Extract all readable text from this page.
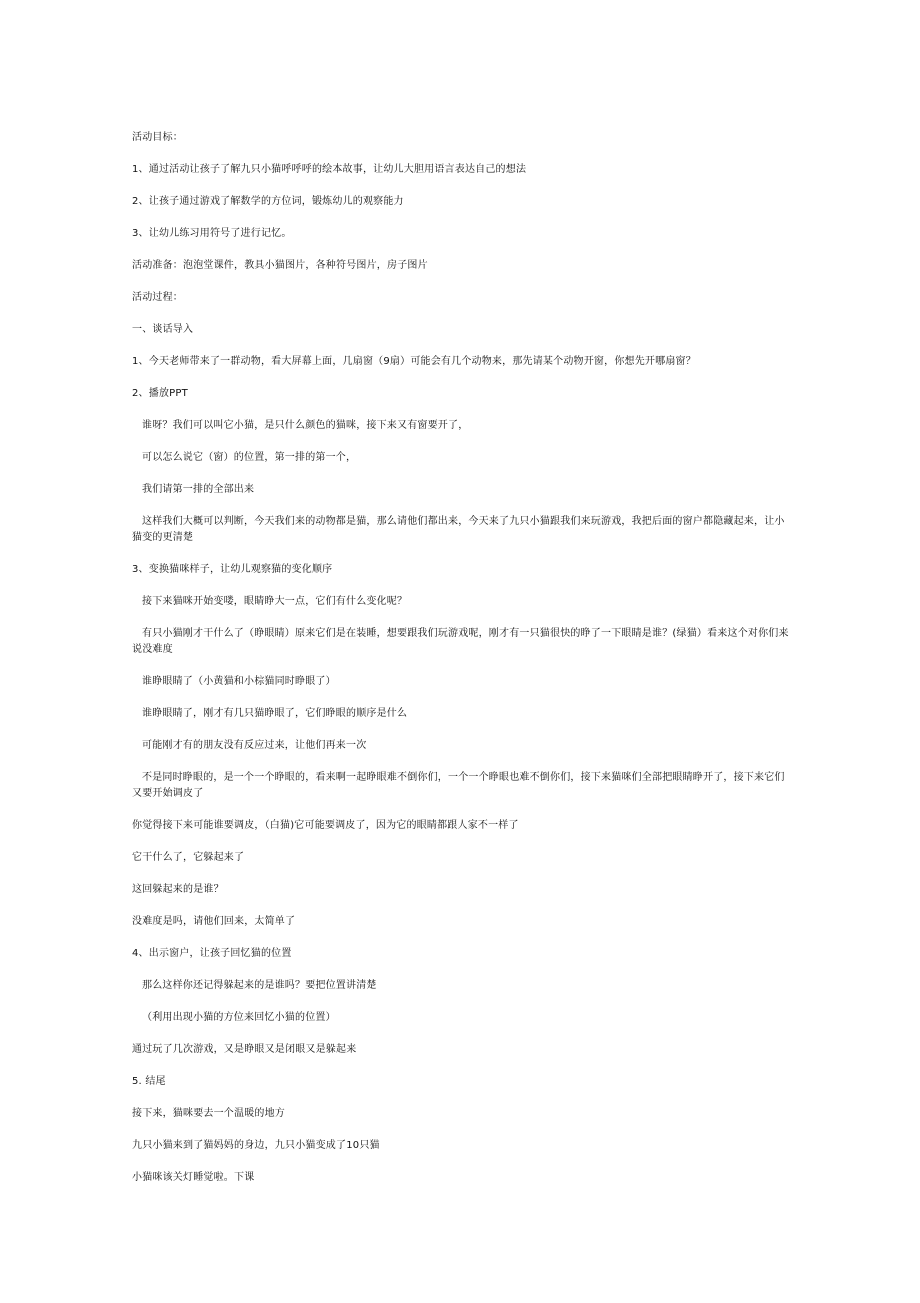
活动目标：

1、通过活动让孩子了解九只小猫呼呼呼的绘本故事，让幼儿大胆用语言表达自己的想法

2、让孩子通过游戏了解数学的方位词，锻炼幼儿的观察能力

3、让幼儿练习用符号了进行记忆。

活动准备：泡泡堂课件，教具小猫图片，各种符号图片，房子图片

活动过程：

一、谈话导入

1、今天老师带来了一群动物，看大屏幕上面，几扇窗（9扇）可能会有几个动物来，那先请某个动物开窗，你想先开哪扇窗？

2、播放PPT

谁呀？我们可以叫它小猫，是只什么颜色的猫咪，接下来又有窗要开了，

可以怎么说它（窗）的位置，第一排的第一个，

我们请第一排的全部出来

这样我们大概可以判断，今天我们来的动物都是猫，那么请他们都出来，今天来了九只小猫跟我们来玩游戏，我把后面的窗户都隐藏起来，让小猫变的更清楚

3、变换猫咪样子，让幼儿观察猫的变化顺序

接下来猫咪开始变喽，眼睛睁大一点，它们有什么变化呢？

有只小猫刚才干什么了（睁眼睛）原来它们是在装睡，想要跟我们玩游戏呢，刚才有一只猫很快的睁了一下眼睛是谁？(绿猫）看来这个对你们来说没难度

谁睁眼睛了（小黄猫和小棕猫同时睁眼了）

谁睁眼睛了，刚才有几只猫睁眼了，它们睁眼的顺序是什么

可能刚才有的朋友没有反应过来，让他们再来一次

不是同时睁眼的，是一个一个睁眼的，看来啊一起睁眼难不倒你们，一个一个睁眼也难不倒你们，接下来猫咪们全部把眼睛睁开了，接下来它们又要开始调皮了

你觉得接下来可能谁要调皮，（白猫)它可能要调皮了，因为它的眼睛都跟人家不一样了

它干什么了，它躲起来了

这回躲起来的是谁？

没难度是吗，请他们回来，太简单了

4、出示窗户，让孩子回忆猫的位置

那么这样你还记得躲起来的是谁吗？要把位置讲清楚

（利用出现小猫的方位来回忆小猫的位置）

通过玩了几次游戏，又是睁眼又是闭眼又是躲起来

5. 结尾

接下来，猫咪要去一个温暖的地方

九只小猫来到了猫妈妈的身边，九只小猫变成了10只猫

小猫咪该关灯睡觉啦。下课
